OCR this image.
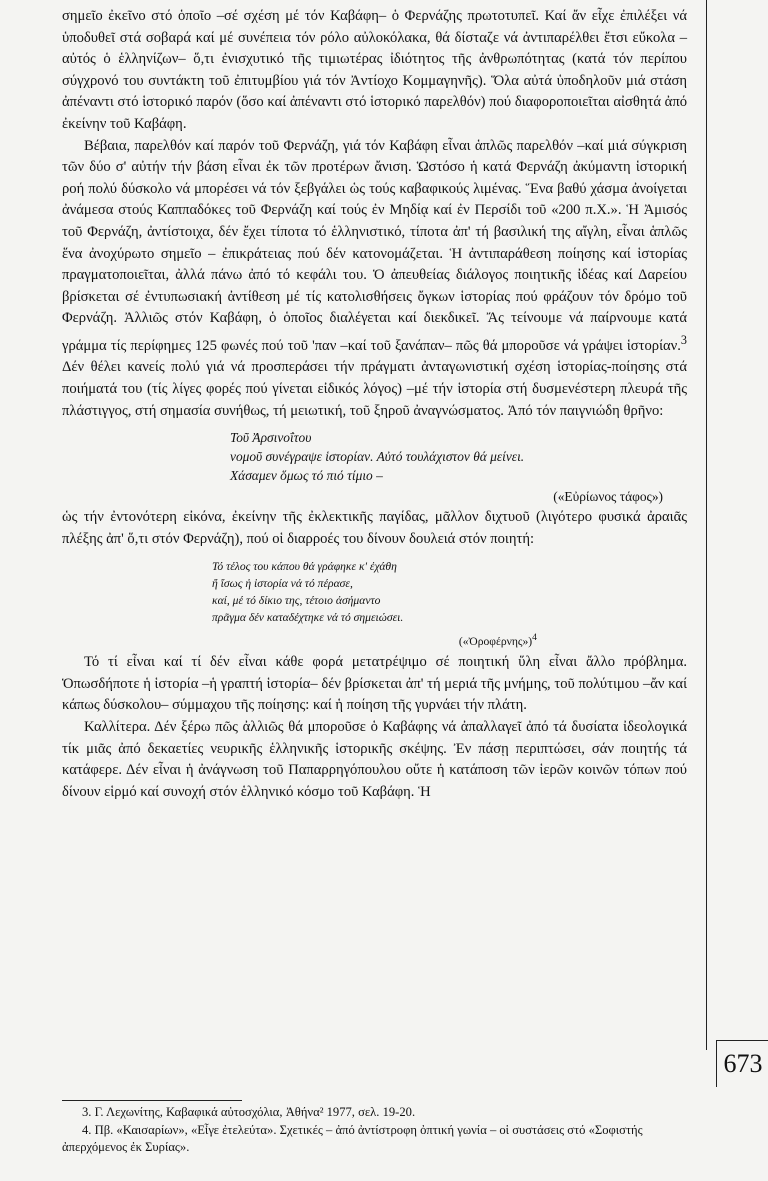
σημεῖο ἐκεῖνο στό ὁποῖο –σέ σχέση μέ τόν Καβάφη– ὁ Φερνάζης πρωτοτυπεῖ. Καί ἄν εἶχε ἐπιλέξει νά ὑποδυθεῖ στά σοβαρά καί μέ συνέπεια τόν ρόλο αὐλοκόλακα, θά δίσταζε νά ἀντιπαρέλθει ἔτσι εὔκολα –αὐτός ὁ ἑλληνίζων– ὅ,τι ἐνισχυτικό τῆς τιμιωτέρας ἰδιότητος τῆς ἀνθρωπότητας (κατά τόν περίπου σύγχρονό του συντάκτη τοῦ ἐπιτυμβίου γιά τόν Ἀντίοχο Κομμαγηνῆς). Ὅλα αὐτά ὑποδηλοῦν μιά στάση ἀπέναντι στό ἱστορικό παρόν (ὅσο καί ἀπέναντι στό ἱστορικό παρελθόν) πού διαφοροποιεῖται αἰσθητά ἀπό ἐκείνην τοῦ Καβάφη.

Βέβαια, παρελθόν καί παρόν τοῦ Φερνάζη, γιά τόν Καβάφη εἶναι ἁπλῶς παρελθόν –καί μιά σύγκριση τῶν δύο σ' αὐτήν τήν βάση εἶναι ἐκ τῶν προτέρων ἄνιση. Ὡστόσο ἡ κατά Φερνάζη ἀκύμαντη ἱστορική ροή πολύ δύσκολο νά μπορέσει νά τόν ξεβγάλει ὡς τούς καβαφικούς λιμένας. Ἕνα βαθύ χάσμα ἀνοίγεται ἀνάμεσα στούς Καππαδόκες τοῦ Φερνάζη καί τούς ἐν Μηδίᾳ καί ἐν Περσίδι τοῦ «200 π.Χ.». Ἡ Ἀμισός τοῦ Φερνάζη, ἀντίστοιχα, δέν ἔχει τίποτα τό ἑλληνιστικό, τίποτα ἀπ' τή βασιλική της αἴγλη, εἶναι ἁπλῶς ἕνα ἀνοχύρωτο σημεῖο – ἐπικράτειας πού δέν κατονομάζεται. Ἡ ἀντιπαράθεση ποίησης καί ἱστορίας πραγματοποιεῖται, ἀλλά πάνω ἀπό τό κεφάλι του. Ὁ ἀπευθείας διάλογος ποιητικῆς ἰδέας καί Δαρείου βρίσκεται σέ ἐντυπωσιακή ἀντίθεση μέ τίς κατολισθήσεις ὄγκων ἱστορίας πού φράζουν τόν δρόμο τοῦ Φερνάζη. Ἀλλιῶς στόν Καβάφη, ὁ ὁποῖος διαλέγεται καί διεκδικεῖ. Ἄς τείνουμε νά παίρνουμε κατά γράμμα τίς περίφημες 125 φωνές πού τοῦ 'παν –καί τοῦ ξανάπαν– πῶς θά μποροῦσε νά γράψει ἱστορίαν.$^3$ Δέν θέλει κανείς πολύ γιά νά προσπεράσει τήν πράγματι ἀνταγωνιστική σχέση ἱστορίας-ποίησης στά ποιήματά του (τίς λίγες φορές πού γίνεται εἰδικός λόγος) –μέ τήν ἱστορία στή δυσμενέστερη πλευρά τῆς πλάστιγγος, στή σημασία συνήθως, τή μειωτική, τοῦ ξηροῦ ἀναγνώσματος. Ἀπό τόν παιγνιώδη θρῆνο:

Τοῦ Ἀρσινοΐτου
νομοῦ συνέγραψε ἱστορίαν. Αὐτό τουλάχιστον θά μείνει.
Χάσαμεν ὅμως τό πιό τίμιο –
(«Εὐρίωνος τάφος»)

ὡς τήν ἐντονότερη εἰκόνα, ἐκείνην τῆς ἐκλεκτικῆς παγίδας, μᾶλλον διχτυοῦ (λιγότερο φυσικά ἀραιᾶς πλέξης ἀπ' ὅ,τι στόν Φερνάζη), πού οἱ διαρροές του δίνουν δουλειά στόν ποιητή:

Τό τέλος του κάπου θά γράφηκε κ' ἐχάθη
ἤ ἴσως ἡ ἱστορία νά τό πέρασε,
καί, μέ τό δίκιο της, τέτοιο ἀσήμαντο
πρᾶγμα δέν καταδέχτηκε νά τό σημειώσει.
(«Ὀροφέρνης»)$^4$

Τό τί εἶναι καί τί δέν εἶναι κάθε φορά μετατρέψιμο σέ ποιητική ὕλη εἶναι ἄλλο πρόβλημα. Ὁπωσδήποτε ἡ ἱστορία –ἡ γραπτή ἱστορία– δέν βρίσκεται ἀπ' τή μεριά τῆς μνήμης, τοῦ πολύτιμου –ἄν καί κάπως δύσκολου– σύμμαχου τῆς ποίησης: καί ἡ ποίηση τῆς γυρνάει τήν πλάτη.

Καλλίτερα. Δέν ξέρω πῶς ἀλλιῶς θά μποροῦσε ὁ Καβάφης νά ἀπαλλαγεῖ ἀπό τά δυσίατα ἰδεολογικά τίκ μιᾶς ἀπό δεκαετίες νευρικῆς ἑλληνικῆς ἱστορικῆς σκέψης. Ἐν πάσῃ περιπτώσει, σάν ποιητής τά κατάφερε. Δέν εἶναι ἡ ἀνάγνωση τοῦ Παπαρρηγόπουλου οὔτε ἡ κατάποση τῶν ἱερῶν κοινῶν τόπων πού δίνουν εἱρμό καί συνοχή στόν ἑλληνικό κόσμο τοῦ Καβάφη. Ἡ

673

3. Γ. Λεχωνίτης, Καβαφικά αὐτοσχόλια, Ἀθήνα² 1977, σελ. 19-20.

4. Πβ. «Καισαρίων», «Εἶγε ἐτελεύτα». Σχετικές – ἀπό ἀντίστροφη ὀπτική γωνία – οἱ συστάσεις στό «Σοφιστής ἀπερχόμενος ἐκ Συρίας».
